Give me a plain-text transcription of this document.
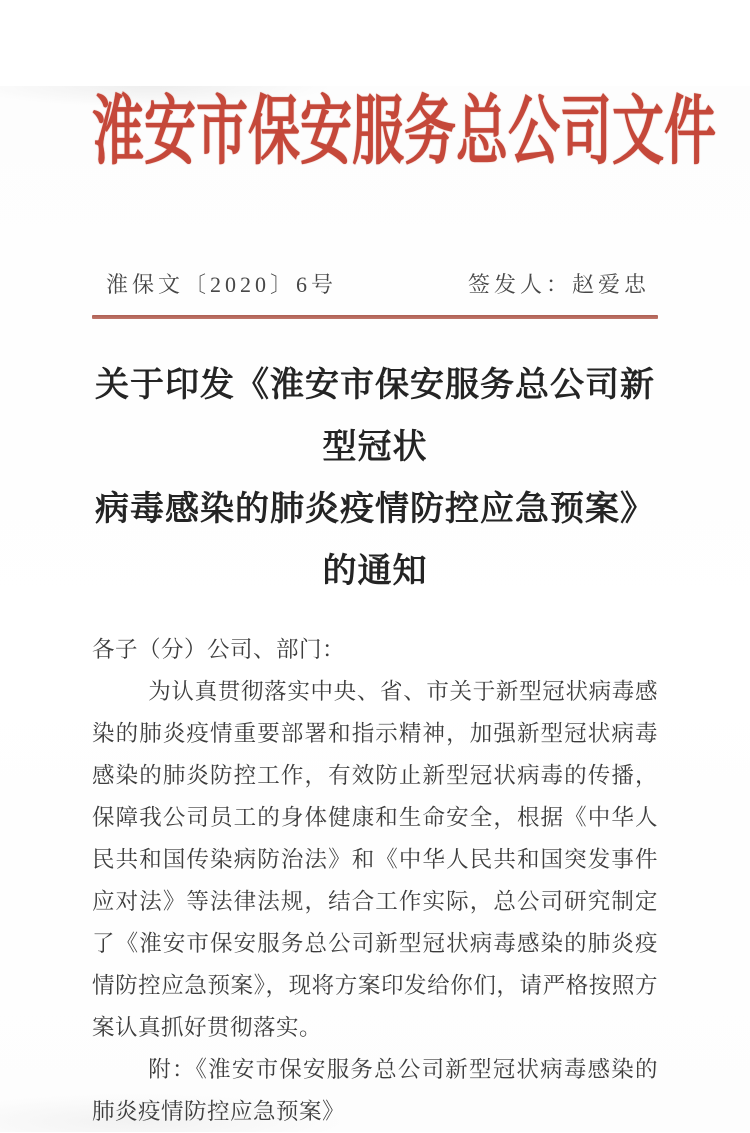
淮安市保安服务总公司文件
淮保文〔2020〕6号	签发人：赵爱忠
关于印发《淮安市保安服务总公司新型冠状
病毒感染的肺炎疫情防控应急预案》的通知

各子（分）公司、部门：

为认真贯彻落实中央、省、市关于新型冠状病毒感染的肺炎疫情重要部署和指示精神，加强新型冠状病毒感染的肺炎防控工作，有效防止新型冠状病毒的传播，保障我公司员工的身体健康和生命安全，根据《中华人民共和国传染病防治法》和《中华人民共和国突发事件应对法》等法律法规，结合工作实际，总公司研究制定了《淮安市保安服务总公司新型冠状病毒感染的肺炎疫情防控应急预案》，现将方案印发给你们，请严格按照方案认真抓好贯彻落实。

附：《淮安市保安服务总公司新型冠状病毒感染的肺炎疫情防控应急预案》
